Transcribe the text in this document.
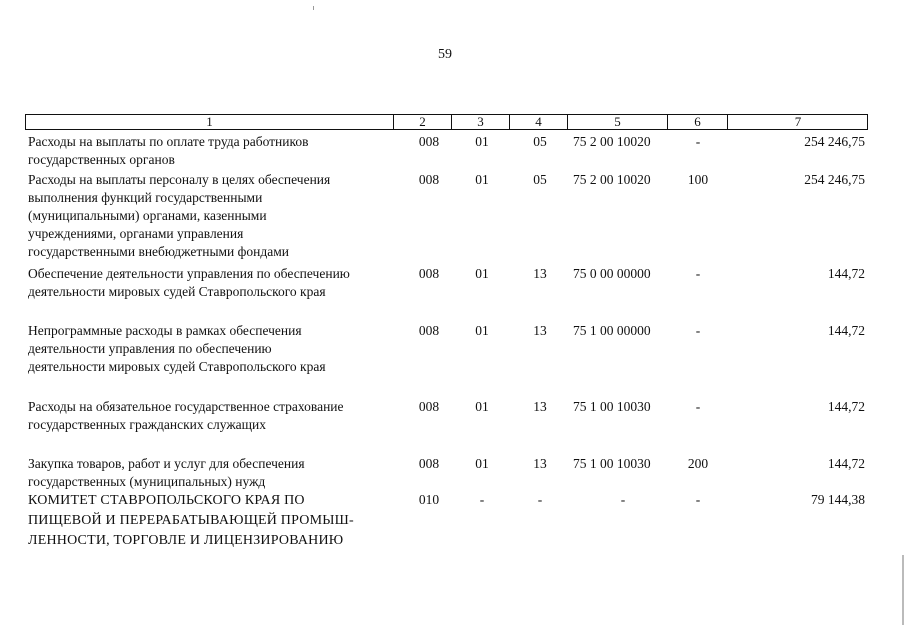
59
1	2	3	4	5	6	7
Расходы на выплаты по оплате труда работников
государственных органов
008	01	05	75 2 00 10020	-	254 246,75
Расходы на выплаты персоналу в целях обеспечения
выполнения функций государственными
(муниципальными) органами, казенными
учреждениями, органами управления
государственными внебюджетными фондами
008	01	05	75 2 00 10020	100	254 246,75
Обеспечение деятельности управления по обеспечению
деятельности мировых судей Ставропольского края
008	01	13	75 0 00 00000	-	144,72
Непрограммные расходы в рамках обеспечения
деятельности управления по обеспечению
деятельности мировых судей Ставропольского края
008	01	13	75 1 00 00000	-	144,72
Расходы на обязательное государственное страхование
государственных гражданских служащих
008	01	13	75 1 00 10030	-	144,72
Закупка товаров, работ и услуг для обеспечения
государственных (муниципальных) нужд
008	01	13	75 1 00 10030	200	144,72
КОМИТЕТ СТАВРОПОЛЬСКОГО КРАЯ ПО
ПИЩЕВОЙ И ПЕРЕРАБАТЫВАЮЩЕЙ ПРОМЫШ-
ЛЕННОСТИ, ТОРГОВЛЕ И ЛИЦЕНЗИРОВАНИЮ
010	-	-	-	-	79 144,38
